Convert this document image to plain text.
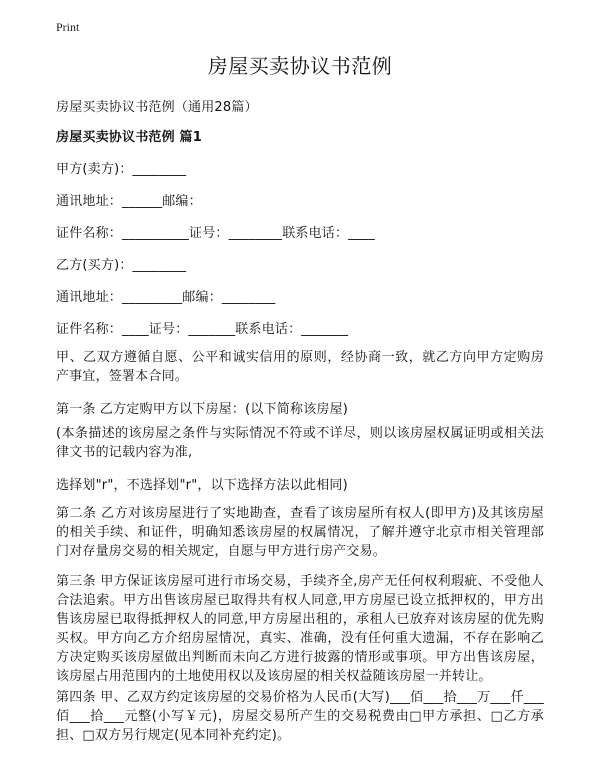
Print
房屋买卖协议书范例
房屋买卖协议书范例（通用28篇）
房屋买卖协议书范例 篇1
甲方(卖方)：________
通讯地址：______邮编：
证件名称：__________证号：________联系电话：____
乙方(买方)：________
通讯地址：_________邮编：________
证件名称：____证号：_______联系电话：_______
甲、乙双方遵循自愿、公平和诚实信用的原则，经协商一致，就乙方向甲方定购房产事宜，签署本合同。
第一条 乙方定购甲方以下房屋：(以下简称该房屋)
(本条描述的该房屋之条件与实际情况不符或不详尽，则以该房屋权属证明或相关法律文书的记载内容为准,
选择划"r"，不选择划"r"，以下选择方法以此相同)
第二条 乙方对该房屋进行了实地勘查，查看了该房屋所有权人(即甲方)及其该房屋的相关手续、和证件，明确知悉该房屋的权属情况，了解并遵守北京市相关管理部门对存量房交易的相关规定，自愿与甲方进行房产交易。
第三条 甲方保证该房屋可进行市场交易，手续齐全,房产无任何权利瑕疵、不受他人合法追索。甲方出售该房屋已取得共有权人同意,甲方房屋已设立抵押权的，甲方出售该房屋已取得抵押权人的同意,甲方房屋出租的，承租人已放弃对该房屋的优先购买权。甲方向乙方介绍房屋情况，真实、准确，没有任何重大遗漏，不存在影响乙方决定购买该房屋做出判断而未向乙方进行披露的情形或事项。甲方出售该房屋，该房屋占用范围内的土地使用权以及该房屋的相关权益随该房屋一并转让。
第四条 甲、乙双方约定该房屋的交易价格为人民币(大写)___佰___拾___万___仟___佰___拾___元整(小写￥元)，房屋交易所产生的交易税费由□甲方承担、□乙方承担、□双方另行规定(见本同补充约定)。
